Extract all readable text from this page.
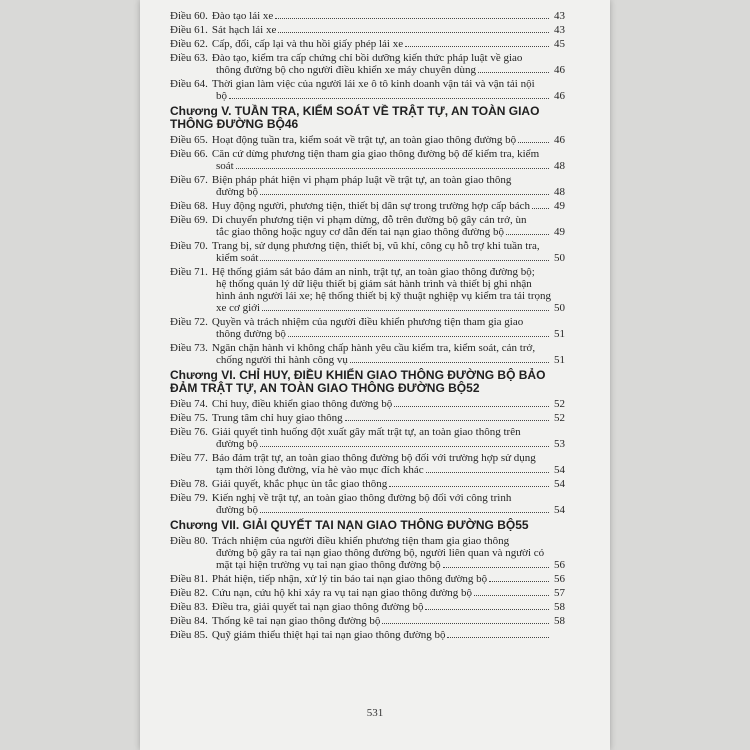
Điều 60. Đào tạo lái xe	43
Điều 61. Sát hạch lái xe	43
Điều 62. Cấp, đổi, cấp lại và thu hồi giấy phép lái xe	45
Điều 63. Đào tạo, kiểm tra cấp chứng chỉ bồi dưỡng kiến thức pháp luật về giao
thông đường bộ cho người điều khiển xe máy chuyên dùng	46
Điều 64. Thời gian làm việc của người lái xe ô tô kinh doanh vận tải và vận tải nội
bộ	46
Chương V. TUẦN TRA, KIỂM SOÁT VỀ TRẬT TỰ, AN TOÀN GIAO
THÔNG ĐƯỜNG BỘ 46
Điều 65. Hoạt động tuần tra, kiểm soát về trật tự, an toàn giao thông đường bộ	46
Điều 66. Căn cứ dừng phương tiện tham gia giao thông đường bộ để kiểm tra, kiểm
soát	48
Điều 67. Biện pháp phát hiện vi phạm pháp luật về trật tự, an toàn giao thông
đường bộ	48
Điều 68. Huy động người, phương tiện, thiết bị dân sự trong trường hợp cấp bách 49
Điều 69. Di chuyển phương tiện vi phạm dừng, đỗ trên đường bộ gây cản trở, ùn
tắc giao thông hoặc nguy cơ dẫn đến tai nạn giao thông đường bộ	49
Điều 70. Trang bị, sử dụng phương tiện, thiết bị, vũ khí, công cụ hỗ trợ khi tuần tra,
kiểm soát	50
Điều 71. Hệ thống giám sát bảo đảm an ninh, trật tự, an toàn giao thông đường bộ;
hệ thống quản lý dữ liệu thiết bị giám sát hành trình và thiết bị ghi nhận
hình ảnh người lái xe; hệ thống thiết bị kỹ thuật nghiệp vụ kiểm tra tải trọng
xe cơ giới	50
Điều 72. Quyền và trách nhiệm của người điều khiển phương tiện tham gia giao
thông đường bộ	51
Điều 73. Ngăn chặn hành vi không chấp hành yêu cầu kiểm tra, kiểm soát, cản trở,
chống người thi hành công vụ	51
Chương VI. CHỈ HUY, ĐIỀU KHIỂN GIAO THÔNG ĐƯỜNG BỘ BẢO
ĐẢM TRẬT TỰ, AN TOÀN GIAO THÔNG ĐƯỜNG BỘ 52
Điều 74. Chỉ huy, điều khiển giao thông đường bộ	52
Điều 75. Trung tâm chỉ huy giao thông	52
Điều 76. Giải quyết tình huống đột xuất gây mất trật tự, an toàn giao thông trên
đường bộ	53
Điều 77. Bảo đảm trật tự, an toàn giao thông đường bộ đối với trường hợp sử dụng
tạm thời lòng đường, vỉa hè vào mục đích khác	54
Điều 78. Giải quyết, khắc phục ùn tắc giao thông	54
Điều 79. Kiến nghị về trật tự, an toàn giao thông đường bộ đối với công trình
đường bộ	54
Chương VII. GIẢI QUYẾT TAI NẠN GIAO THÔNG ĐƯỜNG BỘ 55
Điều 80. Trách nhiệm của người điều khiển phương tiện tham gia giao thông
đường bộ gây ra tai nạn giao thông đường bộ, người liên quan và người có
mặt tại hiện trường vụ tai nạn giao thông đường bộ	56
Điều 81. Phát hiện, tiếp nhận, xử lý tin báo tai nạn giao thông đường bộ	56
Điều 82. Cứu nạn, cứu hộ khi xảy ra vụ tai nạn giao thông đường bộ	57
Điều 83. Điều tra, giải quyết tai nạn giao thông đường bộ	58
Điều 84. Thống kê tai nạn giao thông đường bộ	58
Điều 85. Quỹ giảm thiểu thiệt hại tai nạn giao thông đường bộ
531
